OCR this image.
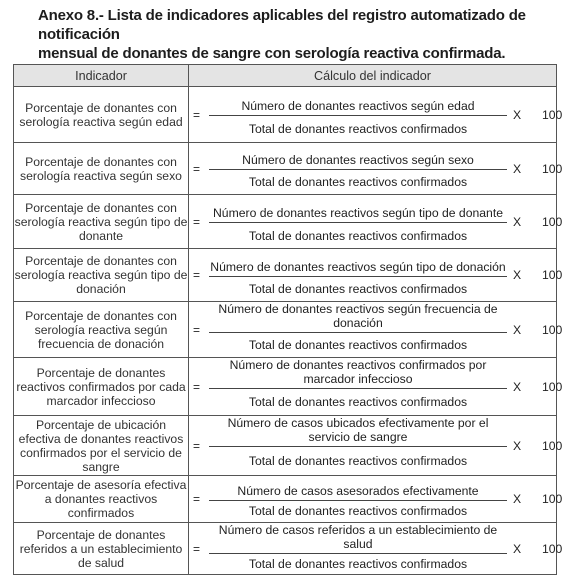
Anexo 8.- Lista de indicadores aplicables del registro automatizado de notificación
mensual de donantes de sangre con serología reactiva confirmada.
Indicador	Cálculo del indicador
Porcentaje de donantes con serología reactiva según edad	=
Número de donantes reactivos según edad
Total de donantes reactivos confirmados
X 100

Porcentaje de donantes con serología reactiva según sexo	=
Número de donantes reactivos según sexo
Total de donantes reactivos confirmados
X 100

Porcentaje de donantes con serología reactiva según tipo de donante	=
Número de donantes reactivos según tipo de donante
Total de donantes reactivos confirmados
X 100

Porcentaje de donantes con serología reactiva según tipo de donación	=
Número de donantes reactivos según tipo de donación
Total de donantes reactivos confirmados
X 100

Porcentaje de donantes con serología reactiva según frecuencia de donación	=
Número de donantes reactivos según frecuencia de donación
Total de donantes reactivos confirmados
X 100

Porcentaje de donantes reactivos confirmados por cada marcador infeccioso	=
Número de donantes reactivos confirmados por marcador infeccioso
Total de donantes reactivos confirmados
X 100

Porcentaje de ubicación efectiva de donantes reactivos confirmados por el servicio de sangre	=
Número de casos ubicados efectivamente por el servicio de sangre
Total de donantes reactivos confirmados
X 100

Porcentaje de asesoría efectiva a donantes reactivos confirmados	=
Número de casos asesorados efectivamente
Total de donantes reactivos confirmados
X 100

Porcentaje de donantes referidos a un establecimiento de salud	=
Número de casos referidos a un establecimiento de salud
Total de donantes reactivos confirmados
X 100
